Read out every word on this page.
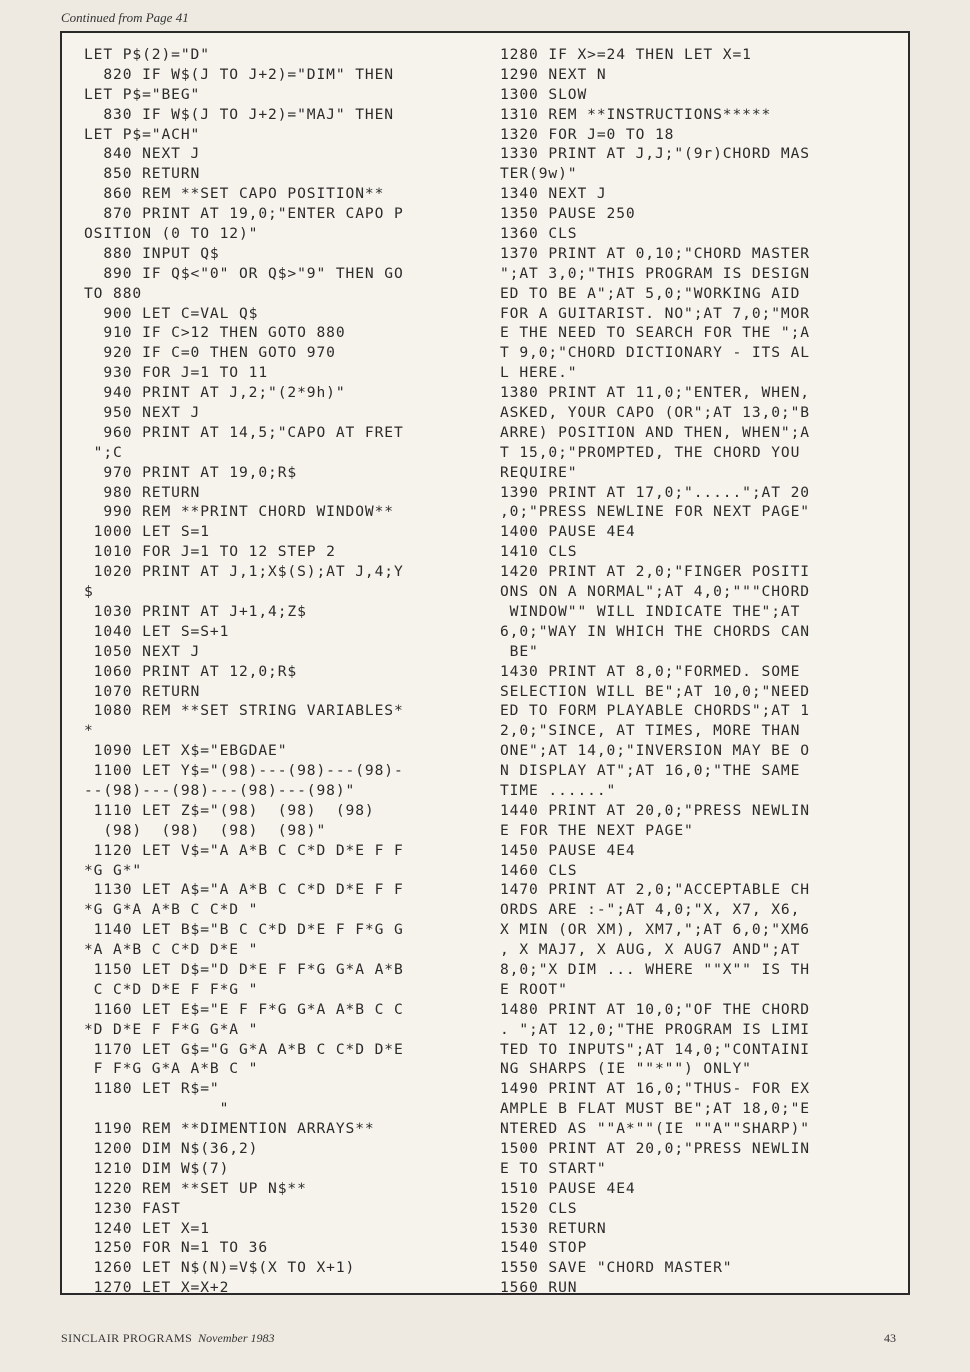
Continued from Page 41
LET P$(2)="D"
820 IF W$(J TO J+2)="DIM" THEN
LET P$="BEG"
830 IF W$(J TO J+2)="MAJ" THEN
LET P$="ACH"
840 NEXT J
850 RETURN
860 REM **SET CAPO POSITION**
870 PRINT AT 19,0;"ENTER CAPO P
OSITION (0 TO 12)"
880 INPUT Q$
890 IF Q$<"0" OR Q$>"9" THEN GO
TO 880
900 LET C=VAL Q$
910 IF C>12 THEN GOTO 880
920 IF C=0 THEN GOTO 970
930 FOR J=1 TO 11
940 PRINT AT J,2;"(2*9h)"
950 NEXT J
960 PRINT AT 14,5;"CAPO AT FRET
";C
970 PRINT AT 19,0;R$
980 RETURN
990 REM **PRINT CHORD WINDOW**
1000 LET S=1
1010 FOR J=1 TO 12 STEP 2
1020 PRINT AT J,1;X$(S);AT J,4;Y
$
1030 PRINT AT J+1,4;Z$
1040 LET S=S+1
1050 NEXT J
1060 PRINT AT 12,0;R$
1070 RETURN
1080 REM **SET STRING VARIABLES*
*
1090 LET X$="EBGDAE"
1100 LET Y$="(98)---(98)---(98)-
--(98)---(98)---(98)---(98)"
1110 LET Z$="(98)  (98)  (98)
(98)  (98)  (98)  (98)"
1120 LET V$="A A*B C C*D D*E F F
*G G*"
1130 LET A$="A A*B C C*D D*E F F
*G G*A A*B C C*D "
1140 LET B$="B C C*D D*E F F*G G
*A A*B C C*D D*E "
1150 LET D$="D D*E F F*G G*A A*B
C C*D D*E F F*G "
1160 LET E$="E F F*G G*A A*B C C
*D D*E F F*G G*A "
1170 LET G$="G G*A A*B C C*D D*E
F F*G G*A A*B C "
1180 LET R$="
"
1190 REM **DIMENTION ARRAYS**
1200 DIM N$(36,2)
1210 DIM W$(7)
1220 REM **SET UP N$**
1230 FAST
1240 LET X=1
1250 FOR N=1 TO 36
1260 LET N$(N)=V$(X TO X+1)
1270 LET X=X+2
1280 IF X>=24 THEN LET X=1
1290 NEXT N
1300 SLOW
1310 REM **INSTRUCTIONS*****
1320 FOR J=0 TO 18
1330 PRINT AT J,J;"(9r)CHORD MAS
TER(9w)"
1340 NEXT J
1350 PAUSE 250
1360 CLS
1370 PRINT AT 0,10;"CHORD MASTER
";AT 3,0;"THIS PROGRAM IS DESIGN
ED TO BE A";AT 5,0;"WORKING AID
FOR A GUITARIST. NO";AT 7,0;"MOR
E THE NEED TO SEARCH FOR THE ";A
T 9,0;"CHORD DICTIONARY - ITS AL
L HERE."
1380 PRINT AT 11,0;"ENTER, WHEN,
ASKED, YOUR CAPO (OR";AT 13,0;"B
ARRE) POSITION AND THEN, WHEN";A
T 15,0;"PROMPTED, THE CHORD YOU
REQUIRE"
1390 PRINT AT 17,0;".....";AT 20
,0;"PRESS NEWLINE FOR NEXT PAGE"
1400 PAUSE 4E4
1410 CLS
1420 PRINT AT 2,0;"FINGER POSITI
ONS ON A NORMAL";AT 4,0;"""CHORD
WINDOW"" WILL INDICATE THE";AT
6,0;"WAY IN WHICH THE CHORDS CAN
BE"
1430 PRINT AT 8,0;"FORMED. SOME
SELECTION WILL BE";AT 10,0;"NEED
ED TO FORM PLAYABLE CHORDS";AT 1
2,0;"SINCE, AT TIMES, MORE THAN
ONE";AT 14,0;"INVERSION MAY BE O
N DISPLAY AT";AT 16,0;"THE SAME
TIME ......"
1440 PRINT AT 20,0;"PRESS NEWLIN
E FOR THE NEXT PAGE"
1450 PAUSE 4E4
1460 CLS
1470 PRINT AT 2,0;"ACCEPTABLE CH
ORDS ARE :-";AT 4,0;"X, X7, X6,
X MIN (OR XM), XM7,";AT 6,0;"XM6
, X MAJ7, X AUG, X AUG7 AND";AT
8,0;"X DIM ... WHERE ""X"" IS TH
E ROOT"
1480 PRINT AT 10,0;"OF THE CHORD
. ";AT 12,0;"THE PROGRAM IS LIMI
TED TO INPUTS";AT 14,0;"CONTAINI
NG SHARPS (IE ""*"") ONLY"
1490 PRINT AT 16,0;"THUS- FOR EX
AMPLE B FLAT MUST BE";AT 18,0;"E
NTERED AS ""A*""(IE ""A""SHARP)"
1500 PRINT AT 20,0;"PRESS NEWLIN
E TO START"
1510 PAUSE 4E4
1520 CLS
1530 RETURN
1540 STOP
1550 SAVE "CHORD MASTER"
1560 RUN
SINCLAIR PROGRAMS November 1983	43
